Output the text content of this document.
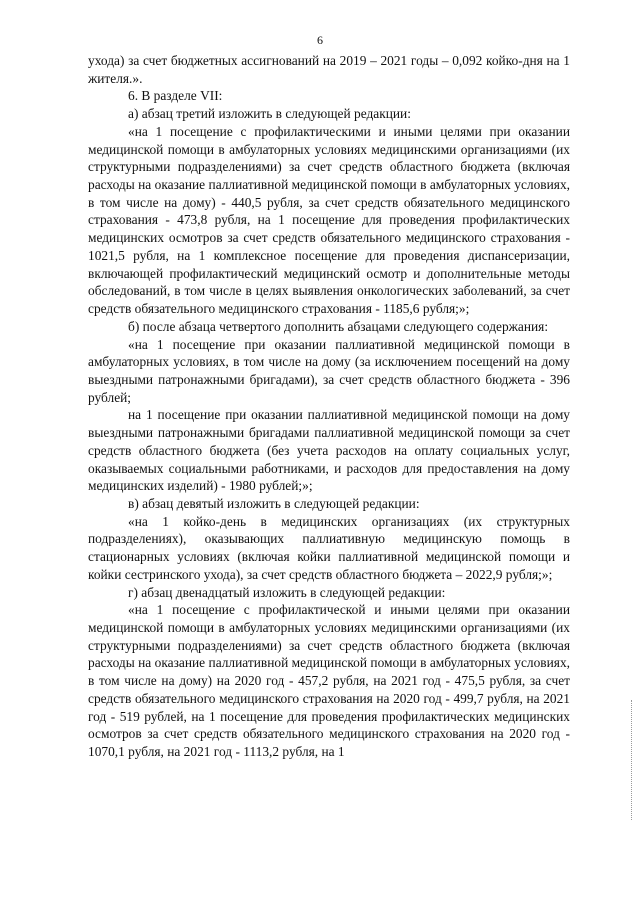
6

ухода) за счет бюджетных ассигнований на 2019 – 2021 годы – 0,092 койко-дня на 1 жителя.».

6. В разделе VII:

а) абзац третий изложить в следующей редакции:

«на 1 посещение с профилактическими и иными целями при оказании медицинской помощи в амбулаторных условиях медицинскими организациями (их структурными подразделениями) за счет средств областного бюджета (включая расходы на оказание паллиативной медицинской помощи в амбулаторных условиях, в том числе на дому) - 440,5 рубля, за счет средств обязательного медицинского страхования - 473,8 рубля, на 1 посещение для проведения профилактических медицинских осмотров за счет средств обязательного медицинского страхования - 1021,5 рубля, на 1 комплексное посещение для проведения диспансеризации, включающей профилактический медицинский осмотр и дополнительные методы обследований, в том числе в целях выявления онкологических заболеваний, за счет средств обязательного медицинского страхования - 1185,6 рубля;»;

б) после абзаца четвертого дополнить абзацами следующего содержания:

«на 1 посещение при оказании паллиативной медицинской помощи в амбулаторных условиях, в том числе на дому (за исключением посещений на дому выездными патронажными бригадами), за счет средств областного бюджета - 396 рублей;

на 1 посещение при оказании паллиативной медицинской помощи на дому выездными патронажными бригадами паллиативной медицинской помощи за счет средств областного бюджета (без учета расходов на оплату социальных услуг, оказываемых социальными работниками, и расходов для предоставления на дому медицинских изделий) - 1980 рублей;»;

в) абзац девятый изложить в следующей редакции:

«на 1 койко-день в медицинских организациях (их структурных подразделениях), оказывающих паллиативную медицинскую помощь в стационарных условиях (включая койки паллиативной медицинской помощи и койки сестринского ухода), за счет средств областного бюджета – 2022,9 рубля;»;

г) абзац двенадцатый изложить в следующей редакции:

«на 1 посещение с профилактической и иными целями при оказании медицинской помощи в амбулаторных условиях медицинскими организациями (их структурными подразделениями) за счет средств областного бюджета (включая расходы на оказание паллиативной медицинской помощи в амбулаторных условиях, в том числе на дому) на 2020 год - 457,2 рубля, на 2021 год - 475,5 рубля, за счет средств обязательного медицинского страхования на 2020 год - 499,7 рубля, на 2021 год - 519 рублей, на 1 посещение для проведения профилактических медицинских осмотров за счет средств обязательного медицинского страхования на 2020 год - 1070,1 рубля, на 2021 год - 1113,2 рубля, на 1
